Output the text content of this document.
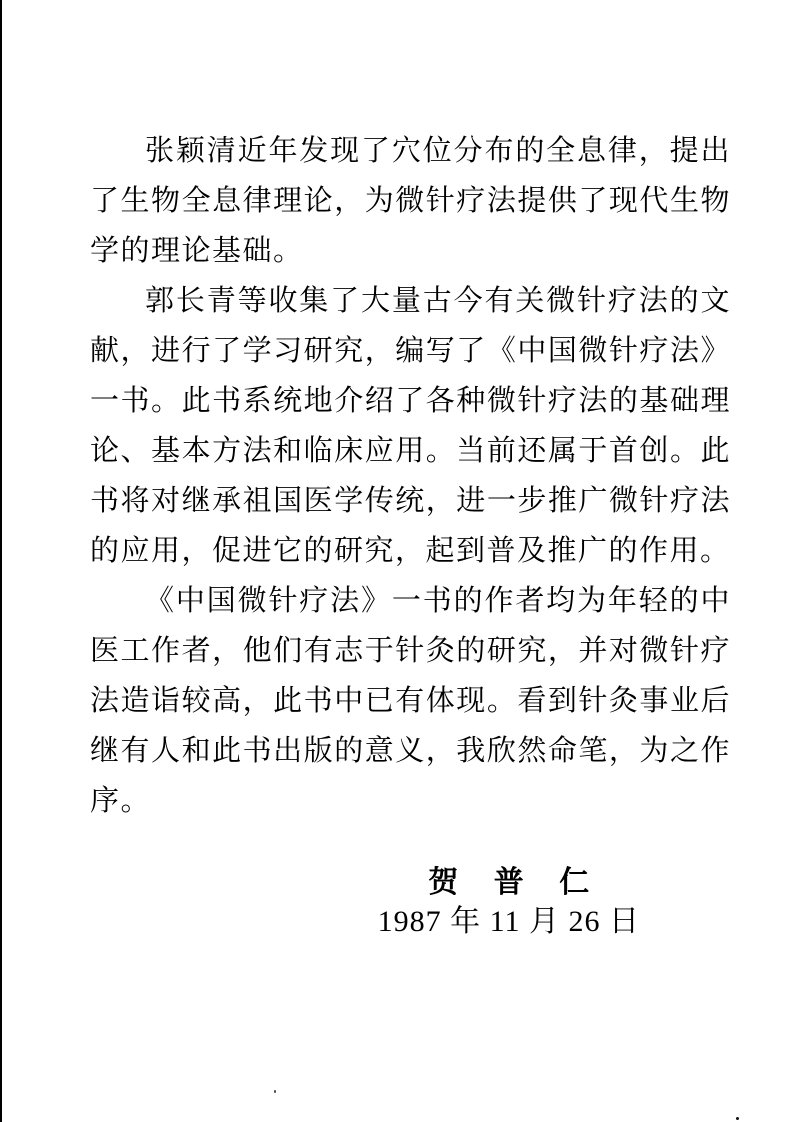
张颖清近年发现了穴位分布的全息律，提出了生物全息律理论，为微针疗法提供了现代生物学的理论基础。

郭长青等收集了大量古今有关微针疗法的文献，进行了学习研究，编写了《中国微针疗法》一书。此书系统地介绍了各种微针疗法的基础理论、基本方法和临床应用。当前还属于首创。此书将对继承祖国医学传统，进一步推广微针疗法的应用，促进它的研究，起到普及推广的作用。

《中国微针疗法》一书的作者均为年轻的中医工作者，他们有志于针灸的研究，并对微针疗法造诣较高，此书中已有体现。看到针灸事业后继有人和此书出版的意义，我欣然命笔，为之作序。

贺 普 仁
1987 年 11 月 26 日
